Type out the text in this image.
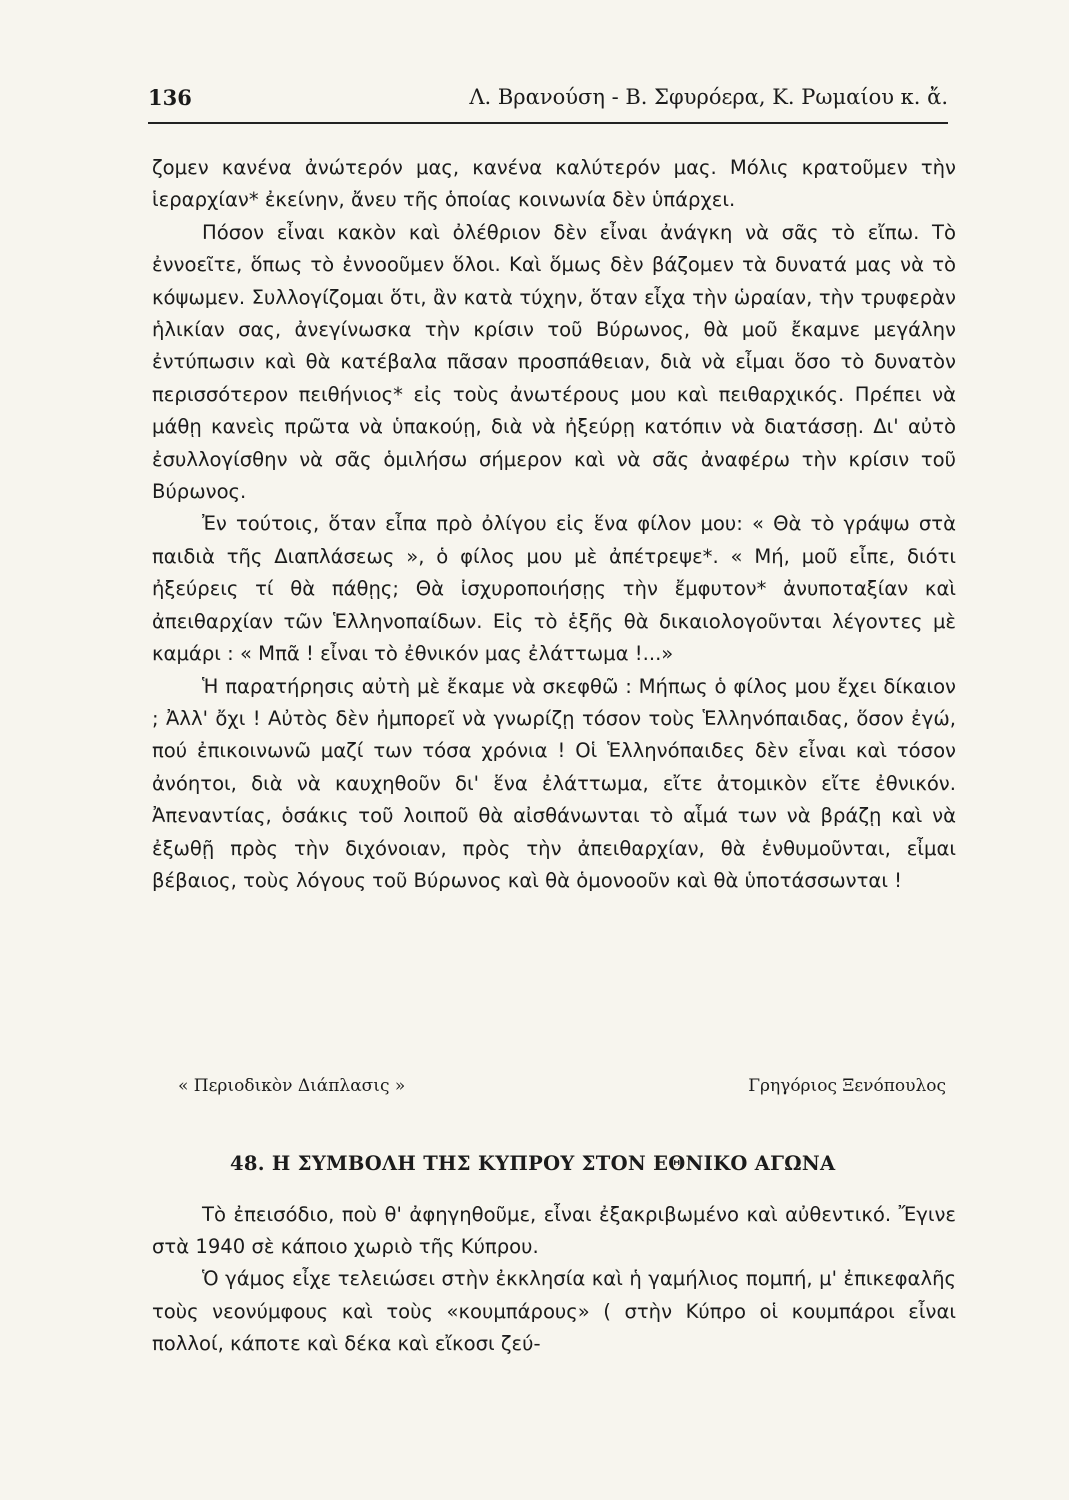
136	Λ. Βρανούση - Β. Σφυρόερα, Κ. Ρωμαίου κ. ἄ.

ζομεν κανένα ἀνώτερόν μας, κανένα καλύτερόν μας. Μόλις κρατοῦμεν τὴν ἱεραρχίαν* ἐκείνην, ἄνευ τῆς ὁποίας κοινωνία δὲν ὑπάρχει.

Πόσον εἶναι κακὸν καὶ ὀλέθριον δὲν εἶναι ἀνάγκη νὰ σᾶς τὸ εἴπω. Τὸ ἐννοεῖτε, ὅπως τὸ ἐννοοῦμεν ὅλοι. Καὶ ὅμως δὲν βάζομεν τὰ δυνατά μας νὰ τὸ κόψωμεν. Συλλογίζομαι ὅτι, ἂν κατὰ τύχην, ὅταν εἶχα τὴν ὡραίαν, τὴν τρυφερὰν ἡλικίαν σας, ἀνεγίνωσκα τὴν κρίσιν τοῦ Βύρωνος, θὰ μοῦ ἔκαμνε μεγάλην ἐντύπωσιν καὶ θὰ κατέβαλα πᾶσαν προσπάθειαν, διὰ νὰ εἶμαι ὅσο τὸ δυνατὸν περισσότερον πειθήνιος* εἰς τοὺς ἀνωτέρους μου καὶ πειθαρχικός. Πρέπει νὰ μάθῃ κανεὶς πρῶτα νὰ ὑπακούῃ, διὰ νὰ ἠξεύρῃ κατόπιν νὰ διατάσσῃ. Δι' αὐτὸ ἐσυλλογίσθην νὰ σᾶς ὁμιλήσω σήμερον καὶ νὰ σᾶς ἀναφέρω τὴν κρίσιν τοῦ Βύρωνος.

Ἐν τούτοις, ὅταν εἶπα πρὸ ὀλίγου εἰς ἕνα φίλον μου: « Θὰ τὸ γράψω στὰ παιδιὰ τῆς Διαπλάσεως », ὁ φίλος μου μὲ ἀπέτρεψε*. « Μή, μοῦ εἶπε, διότι ἠξεύρεις τί θὰ πάθῃς; Θὰ ἰσχυροποιήσῃς τὴν ἔμφυτον* ἀνυποταξίαν καὶ ἀπειθαρχίαν τῶν Ἑλληνοπαίδων. Εἰς τὸ ἑξῆς θὰ δικαιολογοῦνται λέγοντες μὲ καμάρι : « Μπᾶ ! εἶναι τὸ ἐθνικόν μας ἐλάττωμα !...»

Ἡ παρατήρησις αὐτὴ μὲ ἔκαμε νὰ σκεφθῶ : Μήπως ὁ φίλος μου ἔχει δίκαιον ; Ἀλλ' ὄχι ! Αὐτὸς δὲν ἠμπορεῖ νὰ γνωρίζῃ τόσον τοὺς Ἑλληνόπαιδας, ὅσον ἐγώ, πού ἐπικοινωνῶ μαζί των τόσα χρόνια ! Οἱ Ἑλληνόπαιδες δὲν εἶναι καὶ τόσον ἀνόητοι, διὰ νὰ καυχηθοῦν δι' ἕνα ἐλάττωμα, εἴτε ἀτομικὸν εἴτε ἐθνικόν. Ἀπεναντίας, ὁσάκις τοῦ λοιποῦ θὰ αἰσθάνωνται τὸ αἷμά των νὰ βράζῃ καὶ νὰ ἐξωθῇ πρὸς τὴν διχόνοιαν, πρὸς τὴν ἀπειθαρχίαν, θὰ ἐνθυμοῦνται, εἶμαι βέβαιος, τοὺς λόγους τοῦ Βύρωνος καὶ θὰ ὁμονοοῦν καὶ θὰ ὑποτάσσωνται !

« Περιοδικὸν Διάπλασις »	Γρηγόριος Ξενόπουλος
48. Η ΣΥΜΒΟΛΗ ΤΗΣ ΚΥΠΡΟΥ ΣΤΟΝ ΕΘΝΙΚΟ ΑΓΩΝΑ

Τὸ ἐπεισόδιο, ποὺ θ' ἀφηγηθοῦμε, εἶναι ἐξακριβωμένο καὶ αὐθεντικό. Ἔγινε στὰ 1940 σὲ κάποιο χωριὸ τῆς Κύπρου.

Ὁ γάμος εἶχε τελειώσει στὴν ἐκκλησία καὶ ἡ γαμήλιος πομπή, μ' ἐπικεφαλῆς τοὺς νεονύμφους καὶ τοὺς «κουμπάρους» ( στὴν Κύπρο οἱ κουμπάροι εἶναι πολλοί, κάποτε καὶ δέκα καὶ εἴκοσι ζεύ-
